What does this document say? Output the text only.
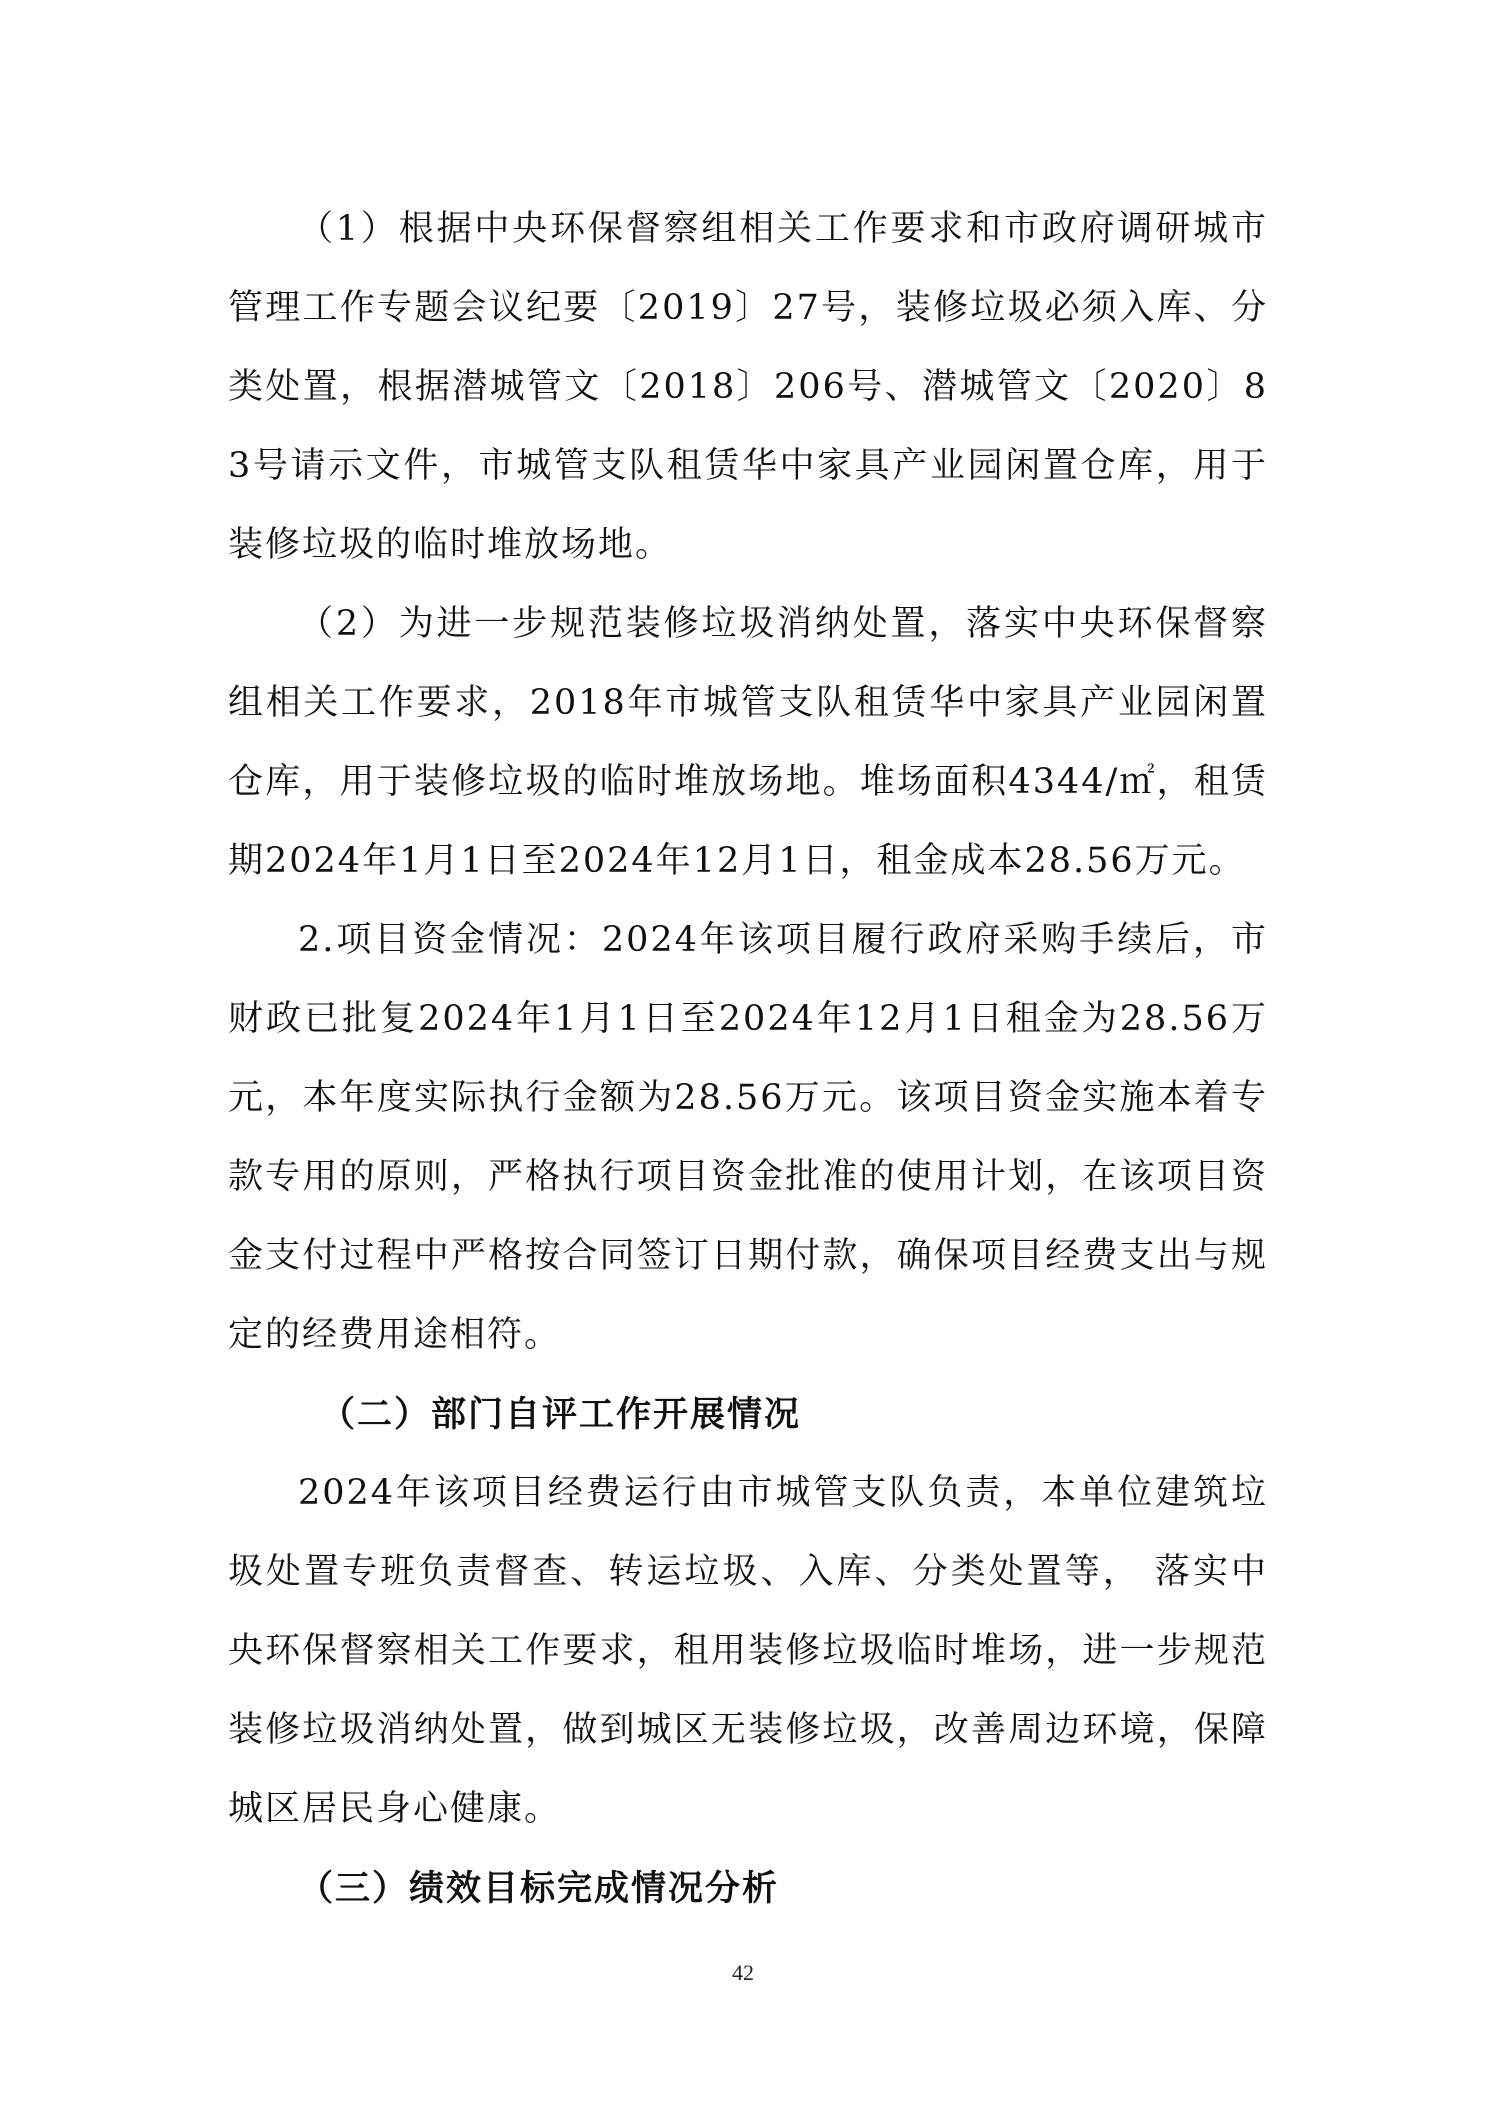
（1）根据中央环保督察组相关工作要求和市政府调研城市管理工作专题会议纪要〔2019〕27号，装修垃圾必须入库、分类处置，根据潜城管文〔2018〕206号、潜城管文〔2020〕83号请示文件，市城管支队租赁华中家具产业园闲置仓库，用于装修垃圾的临时堆放场地。

（2）为进一步规范装修垃圾消纳处置，落实中央环保督察组相关工作要求，2018年市城管支队租赁华中家具产业园闲置仓库，用于装修垃圾的临时堆放场地。堆场面积4344/㎡，租赁期2024年1月1日至2024年12月1日，租金成本28.56万元。

2.项目资金情况：2024年该项目履行政府采购手续后，市财政已批复2024年1月1日至2024年12月1日租金为28.56万元，本年度实际执行金额为28.56万元。该项目资金实施本着专款专用的原则，严格执行项目资金批准的使用计划，在该项目资金支付过程中严格按合同签订日期付款，确保项目经费支出与规定的经费用途相符。

（二）部门自评工作开展情况

2024年该项目经费运行由市城管支队负责，本单位建筑垃圾处置专班负责督查、转运垃圾、入库、分类处置等， 落实中央环保督察相关工作要求，租用装修垃圾临时堆场，进一步规范装修垃圾消纳处置，做到城区无装修垃圾，改善周边环境，保障城区居民身心健康。

（三）绩效目标完成情况分析

42
